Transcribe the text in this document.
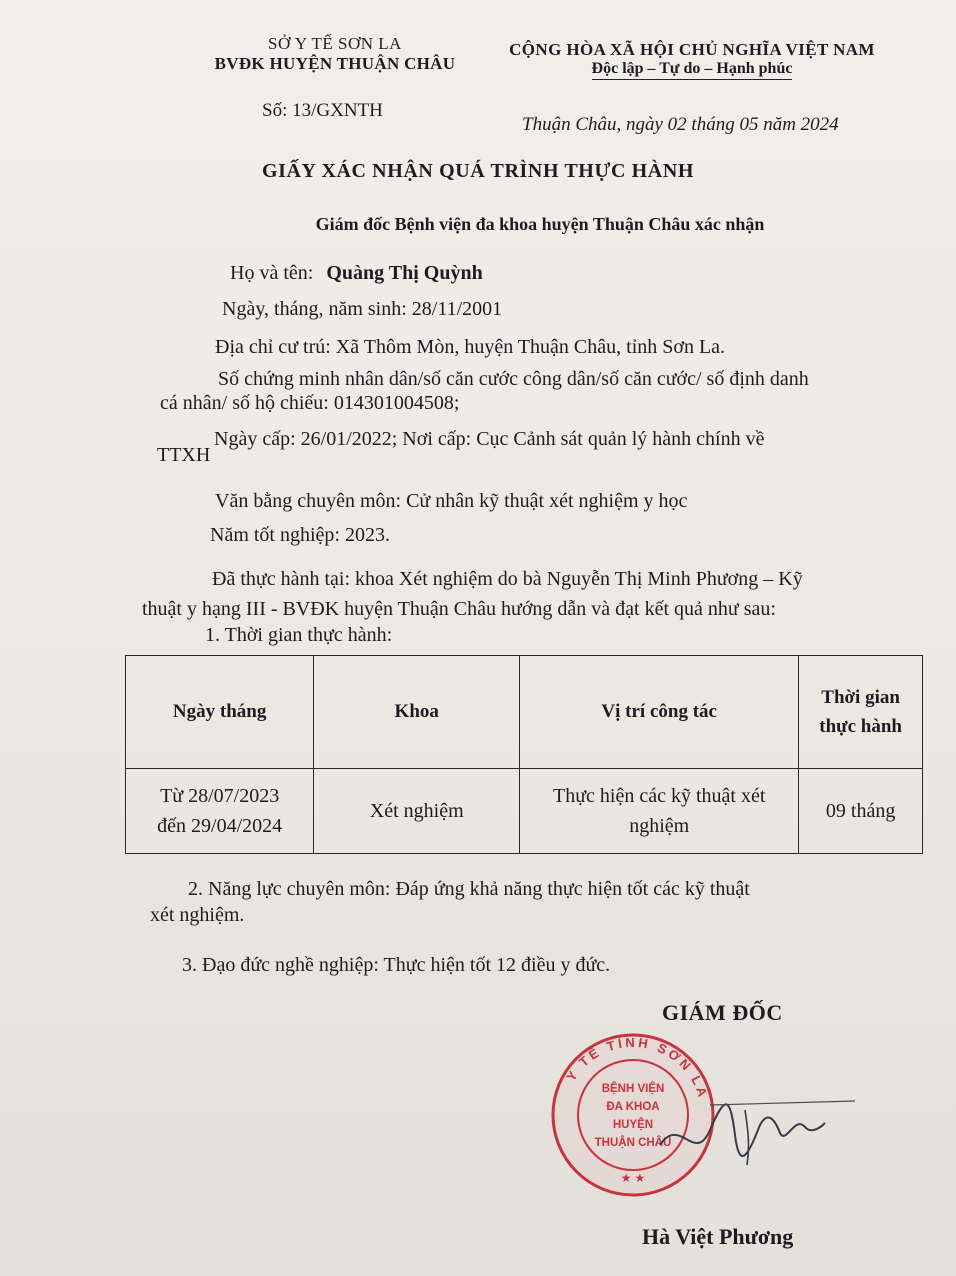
SỞ Y TẾ SƠN LA
BVĐK HUYỆN THUẬN CHÂU
CỘNG HÒA XÃ HỘI CHỦ NGHĨA VIỆT NAM
Độc lập – Tự do – Hạnh phúc
Số: 13/GXNTH
Thuận Châu, ngày 02 tháng 05 năm 2024
GIẤY XÁC NHẬN QUÁ TRÌNH THỰC HÀNH
Giám đốc Bệnh viện đa khoa huyện Thuận Châu xác nhận
Họ và tên: Quàng Thị Quỳnh
Ngày, tháng, năm sinh: 28/11/2001
Địa chỉ cư trú: Xã Thôm Mòn, huyện Thuận Châu, tỉnh Sơn La.
Số chứng minh nhân dân/số căn cước công dân/số căn cước/ số định danh
cá nhân/ số hộ chiếu: 014301004508;
Ngày cấp: 26/01/2022; Nơi cấp: Cục Cảnh sát quản lý hành chính về
TTXH
Văn bằng chuyên môn: Cử nhân kỹ thuật xét nghiệm y học
Năm tốt nghiệp: 2023.
Đã thực hành tại: khoa Xét nghiệm do bà Nguyễn Thị Minh Phương – Kỹ
thuật y hạng III - BVĐK huyện Thuận Châu hướng dẫn và đạt kết quả như sau:
1. Thời gian thực hành:
Ngày tháng	Khoa	Vị trí công tác	Thời gian thực hành

Từ 28/07/2023
đến 29/04/2024	Xét nghiệm	Thực hiện các kỹ thuật xét nghiệm	09 tháng
2. Năng lực chuyên môn: Đáp ứng khả năng thực hiện tốt các kỹ thuật
xét nghiệm.
3. Đạo đức nghề nghiệp: Thực hiện tốt 12 điều y đức.
GIÁM ĐỐC
Y TẾ TỈNH SƠN LA
BỆNH VIỆN
ĐA KHOA
HUYỆN
THUẬN CHÂU
★ ★
Hà Việt Phương
